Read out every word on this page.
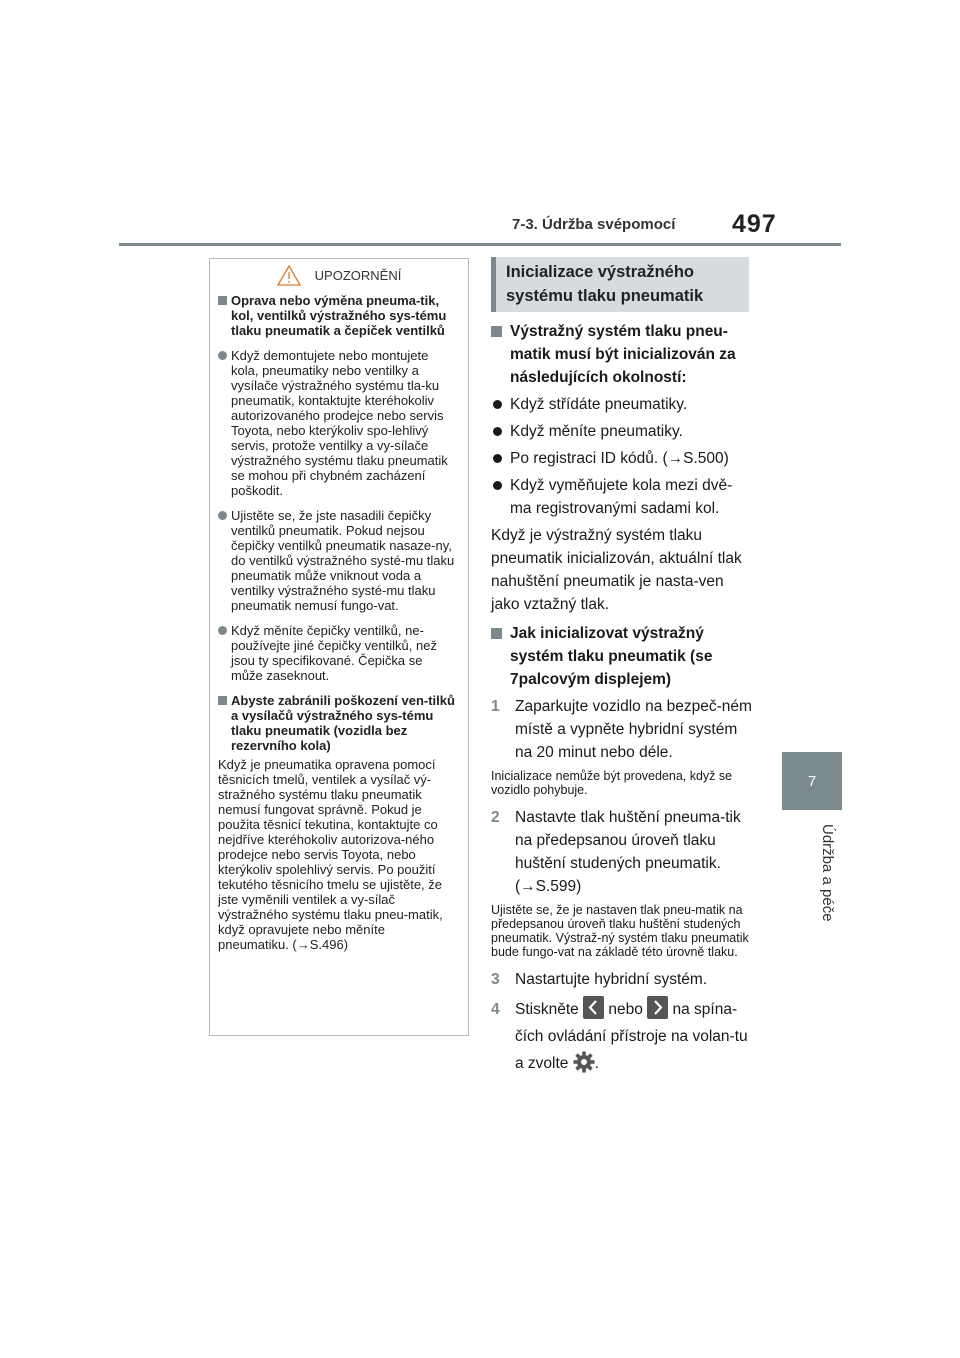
7-3. Údržba svépomocí 497
7
Údržba a péče
UPOZORNĚNÍ
Oprava nebo výměna pneuma-tik, kol, ventilků výstražného sys-tému tlaku pneumatik a čepiček ventilků
Když demontujete nebo montujete kola, pneumatiky nebo ventilky a vysílače výstražného systému tla-ku pneumatik, kontaktujte kteréhokoliv autorizovaného prodejce nebo servis Toyota, nebo kterýkoliv spo-lehlivý servis, protože ventilky a vy-sílače výstražného systému tlaku pneumatik se mohou při chybném zacházení poškodit.
Ujistěte se, že jste nasadili čepičky ventilků pneumatik. Pokud nejsou čepičky ventilků pneumatik nasaze-ny, do ventilků výstražného systé-mu tlaku pneumatik může vniknout voda a ventilky výstražného systé-mu tlaku pneumatik nemusí fungo-vat.
Když měníte čepičky ventilků, ne-používejte jiné čepičky ventilků, než jsou ty specifikované. Čepička se může zaseknout.
Abyste zabránili poškození ven-tilků a vysílačů výstražného sys-tému tlaku pneumatik (vozidla bez rezervního kola)
Když je pneumatika opravena pomocí těsnicích tmelů, ventilek a vysílač vý-stražného systému tlaku pneumatik nemusí fungovat správně. Pokud je použita těsnicí tekutina, kontaktujte co nejdříve kteréhokoliv autorizova-ného prodejce nebo servis Toyota, nebo kterýkoliv spolehlivý servis. Po použití tekutého těsnicího tmelu se ujistěte, že jste vyměnili ventilek a vy-sílač výstražného systému tlaku pneu-matik, když opravujete nebo měníte pneumatiku. (→S.496)
Inicializace výstražného systému tlaku pneumatik
Výstražný systém tlaku pneu-matik musí být inicializován za následujících okolností:
Když střídáte pneumatiky.
Když měníte pneumatiky.
Po registraci ID kódů. (→S.500)
Když vyměňujete kola mezi dvě-ma registrovanými sadami kol.
Když je výstražný systém tlaku pneumatik inicializován, aktuální tlak nahuštění pneumatik je nasta-ven jako vztažný tlak.
Jak inicializovat výstražný systém tlaku pneumatik (se 7palcovým displejem)
1 Zaparkujte vozidlo na bezpeč-ném místě a vypněte hybridní systém na 20 minut nebo déle.
Inicializace nemůže být provedena, když se vozidlo pohybuje.
2 Nastavte tlak huštění pneuma-tik na předepsanou úroveň tlaku huštění studených pneumatik. (→S.599)
Ujistěte se, že je nastaven tlak pneu-matik na předepsanou úroveň tlaku huštění studených pneumatik. Výstraž-ný systém tlaku pneumatik bude fungo-vat na základě této úrovně tlaku.
3 Nastartujte hybridní systém.
4 Stiskněte nebo na spína-čích ovládání přístroje na volan-tu a zvolte .
